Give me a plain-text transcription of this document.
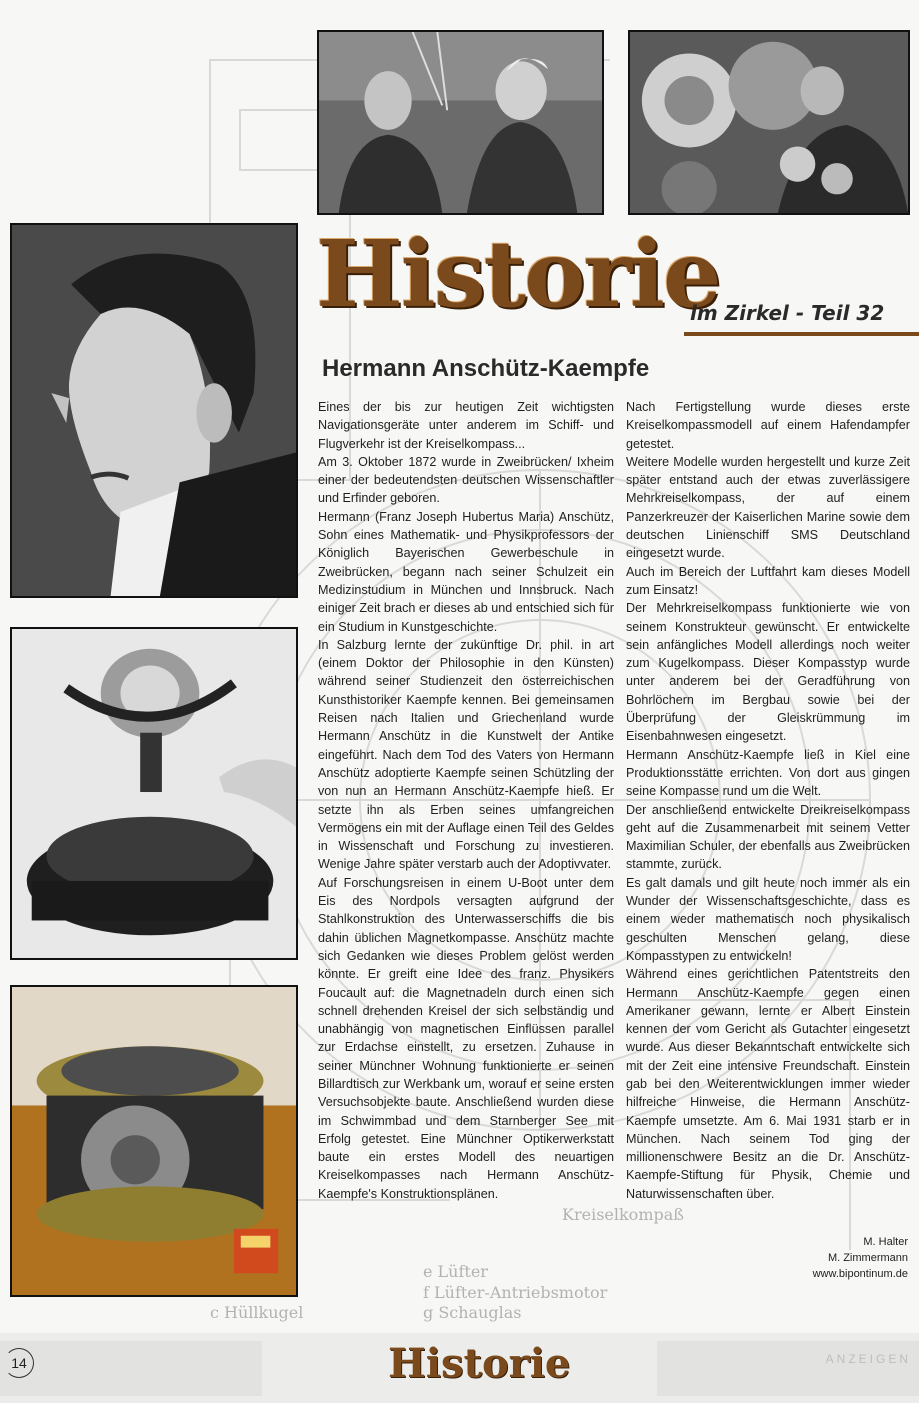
Kreiselkompaß
e Lüfter
f Lüfter-Antriebsmotor
g Schauglas
c Hüllkugel
Historie
im Zirkel - Teil 32
Hermann Anschütz-Kaempfe

Eines der bis zur heutigen Zeit wichtigsten Navigationsgeräte unter anderem im Schiff- und Flugverkehr ist der Kreiselkompass...

Am 3. Oktober 1872 wurde in Zweibrücken/ Ixheim einer der bedeutendsten deutschen Wissenschaftler und Erfinder geboren.

Hermann (Franz Joseph Hubertus Maria) Anschütz, Sohn eines Mathematik- und Physikprofessors der Königlich Bayerischen Gewerbeschule in Zweibrücken, begann nach seiner Schulzeit ein Medizinstudium in München und Innsbruck. Nach einiger Zeit brach er dieses ab und entschied sich für ein Studium in Kunstgeschichte.

In Salzburg lernte der zukünftige Dr. phil. in art (einem Doktor der Philosophie in den Künsten) während seiner Studienzeit den österreichischen Kunsthistoriker Kaempfe kennen. Bei gemeinsamen Reisen nach Italien und Griechenland wurde Hermann Anschütz in die Kunstwelt der Antike eingeführt. Nach dem Tod des Vaters von Hermann Anschütz adoptierte Kaempfe seinen Schützling der von nun an Hermann Anschütz-Kaempfe hieß. Er setzte ihn als Erben seines umfangreichen Vermögens ein mit der Auflage einen Teil des Geldes in Wissenschaft und Forschung zu investieren. Wenige Jahre später verstarb auch der Adoptivvater.

Auf Forschungsreisen in einem U-Boot unter dem Eis des Nordpols versagten aufgrund der Stahlkonstruktion des Unterwasserschiffs die bis dahin üblichen Magnetkompasse. Anschütz machte sich Gedanken wie dieses Problem gelöst werden könnte. Er greift eine Idee des franz. Physikers Foucault auf: die Magnetnadeln durch einen sich schnell drehenden Kreisel der sich selbständig und unabhängig von magnetischen Einflüssen parallel zur Erdachse einstellt, zu ersetzen. Zuhause in seiner Münchner Wohnung funktionierte er seinen Billardtisch zur Werkbank um, worauf er seine ersten Versuchsobjekte baute. Anschließend wurden diese im Schwimmbad und dem Starnberger See mit Erfolg getestet. Eine Münchner Optikerwerkstatt baute ein erstes Modell des neuartigen Kreiselkompasses nach Hermann Anschütz-Kaempfe's Konstruktionsplänen.

Nach Fertigstellung wurde dieses erste Kreiselkompassmodell auf einem Hafendampfer getestet.

Weitere Modelle wurden hergestellt und kurze Zeit später entstand auch der etwas zuverlässigere Mehrkreiselkompass, der auf einem Panzerkreuzer der Kaiserlichen Marine sowie dem deutschen Linienschiff SMS Deutschland eingesetzt wurde.

Auch im Bereich der Luftfahrt kam dieses Modell zum Einsatz!

Der Mehrkreiselkompass funktionierte wie von seinem Konstrukteur gewünscht. Er entwickelte sein anfängliches Modell allerdings noch weiter zum Kugelkompass. Dieser Kompasstyp wurde unter anderem bei der Geradführung von Bohrlöchern im Bergbau sowie bei der Überprüfung der Gleiskrümmung im Eisenbahnwesen eingesetzt.

Hermann Anschütz-Kaempfe ließ in Kiel eine Produktionsstätte errichten. Von dort aus gingen seine Kompasse rund um die Welt.

Der anschließend entwickelte Dreikreiselkompass geht auf die Zusammenarbeit mit seinem Vetter Maximilian Schuler, der ebenfalls aus Zweibrücken stammte, zurück.

Es galt damals und gilt heute noch immer als ein Wunder der Wissenschaftsgeschichte, dass es einem weder mathematisch noch physikalisch geschulten Menschen gelang, diese Kompasstypen zu entwickeln!

Während eines gerichtlichen Patentstreits den Hermann Anschütz-Kaempfe gegen einen Amerikaner gewann, lernte er Albert Einstein kennen der vom Gericht als Gutachter eingesetzt wurde. Aus dieser Bekanntschaft entwickelte sich mit der Zeit eine intensive Freundschaft. Einstein gab bei den Weiterentwicklungen immer wieder hilfreiche Hinweise, die Hermann Anschütz-Kaempfe umsetzte. Am 6. Mai 1931 starb er in München. Nach seinem Tod ging der millionenschwere Besitz an die Dr. Anschütz-Kaempfe-Stiftung für Physik, Chemie und Naturwissenschaften über.

M. Halter
M. Zimmermann
www.bipontinum.de
14	Historie	ANZEIGEN
